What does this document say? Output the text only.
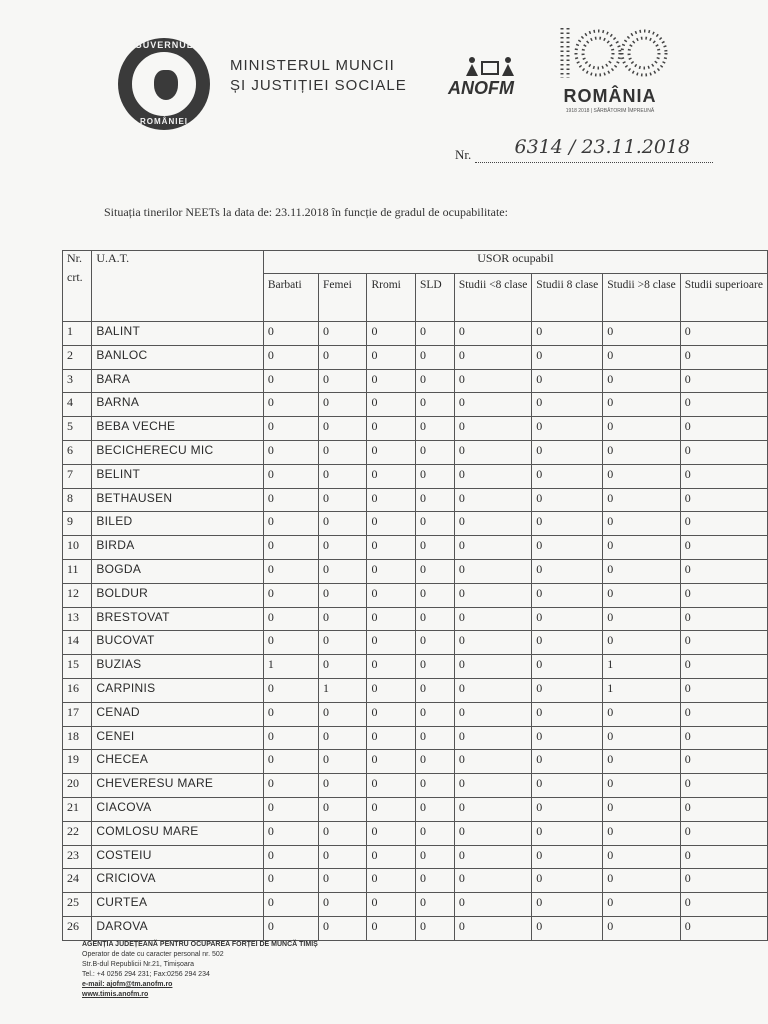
GUVERNUL
ROMÂNIEI
MINISTERUL MUNCII
ȘI JUSTIȚIEI SOCIALE ANOFM	ROMÂNIA
1918 2018 | SĂRBĂTORIM ÎMPREUNĂ
Nr. 6314 / 23.11.2018
Situația tinerilor NEETs la data de: 23.11.2018 în funcție de gradul de ocupabilitate:
Nr.
crt.	U.A.T.	USOR ocupabil							
		Barbati	Femei	Rromi	SLD	Studii <8 clase	Studii 8 clase	Studii >8 clase	Studii superioare
1	BALINT	0	0	0	0	0	0	0	0
2	BANLOC	0	0	0	0	0	0	0	0
3	BARA	0	0	0	0	0	0	0	0
4	BARNA	0	0	0	0	0	0	0	0
5	BEBA VECHE	0	0	0	0	0	0	0	0
6	BECICHERECU MIC	0	0	0	0	0	0	0	0
7	BELINT	0	0	0	0	0	0	0	0
8	BETHAUSEN	0	0	0	0	0	0	0	0
9	BILED	0	0	0	0	0	0	0	0
10	BIRDA	0	0	0	0	0	0	0	0
11	BOGDA	0	0	0	0	0	0	0	0
12	BOLDUR	0	0	0	0	0	0	0	0
13	BRESTOVAT	0	0	0	0	0	0	0	0
14	BUCOVAT	0	0	0	0	0	0	0	0
15	BUZIAS	1	0	0	0	0	0	1	0
16	CARPINIS	0	1	0	0	0	0	1	0
17	CENAD	0	0	0	0	0	0	0	0
18	CENEI	0	0	0	0	0	0	0	0
19	CHECEA	0	0	0	0	0	0	0	0
20	CHEVERESU MARE	0	0	0	0	0	0	0	0
21	CIACOVA	0	0	0	0	0	0	0	0
22	COMLOSU MARE	0	0	0	0	0	0	0	0
23	COSTEIU	0	0	0	0	0	0	0	0
24	CRICIOVA	0	0	0	0	0	0	0	0
25	CURTEA	0	0	0	0	0	0	0	0
26	DAROVA	0	0	0	0	0	0	0	0
AGENȚIA JUDEȚEANĂ PENTRU OCUPAREA FORȚEI DE MUNCĂ TIMIȘ
Operator de date cu caracter personal nr. 502
Str.B-dul Republicii Nr.21, Timișoara
Tel.: +4 0256 294 231; Fax:0256 294 234
e-mail: ajofm@tm.anofm.ro
www.timis.anofm.ro
